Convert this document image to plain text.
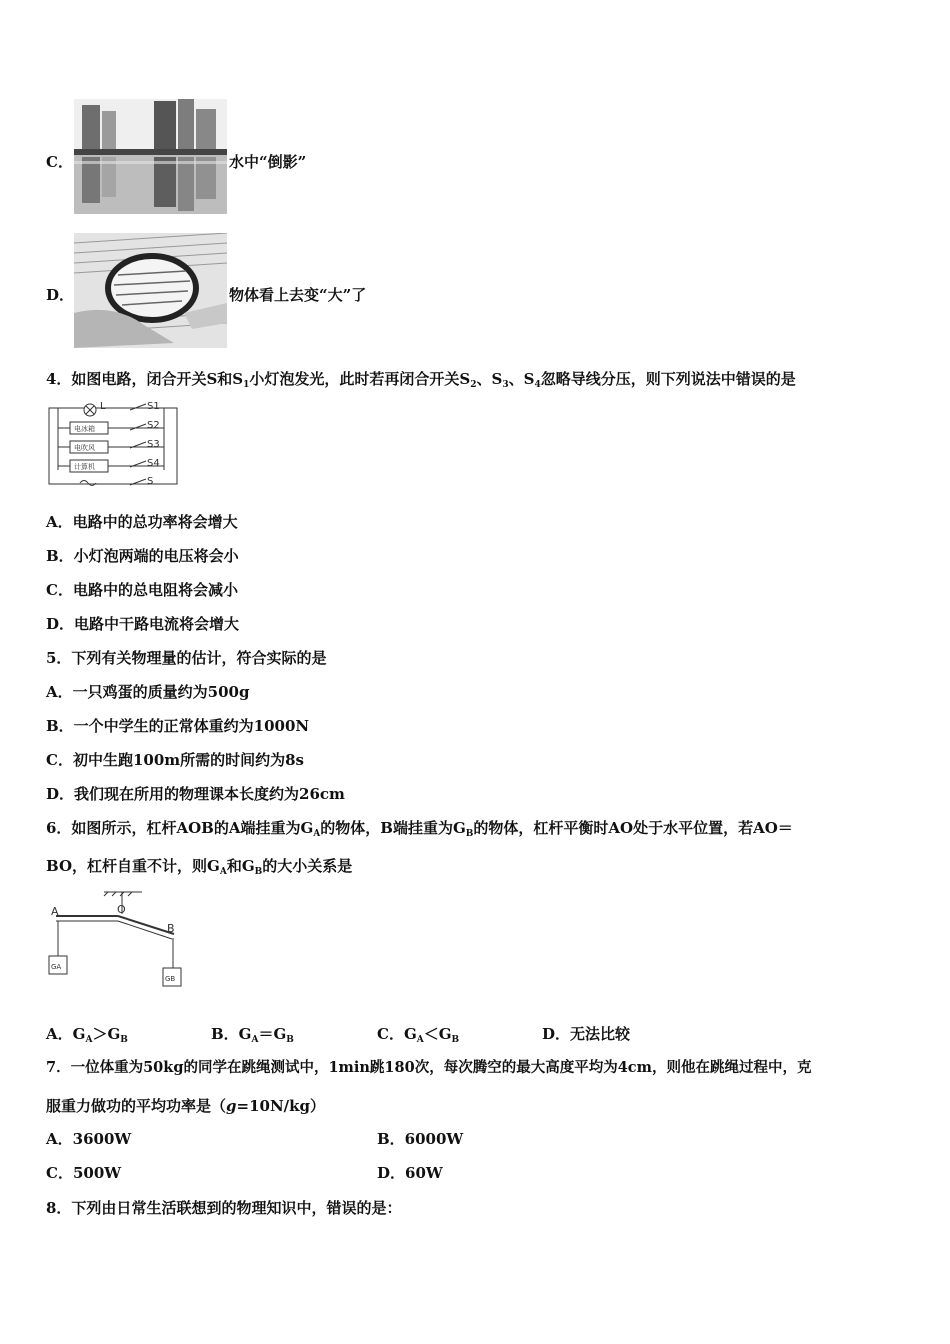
C．	水中“倒影”
D．	物体看上去变“大”了
4．如图电路，闭合开关S和$S_1$小灯泡发光，此时若再闭合开关$S_2$、$S_3$、$S_4$忽略导线分压，则下列说法中错误的是
电冰箱
电吹风
计算机
L	S1
S2
S3
S4
S
A．电路中的总功率将会增大
B．小灯泡两端的电压将会小
C．电路中的总电阻将会减小
D．电路中干路电流将会增大
5．下列有关物理量的估计，符合实际的是
A．一只鸡蛋的质量约为500g
B．一个中学生的正常体重约为1000N
C．初中生跑100m所需的时间约为8s
D．我们现在所用的物理课本长度约为26cm
6．如图所示，杠杆AOB的A端挂重为$G_A$的物体，B端挂重为$G_B$的物体，杠杆平衡时AO处于水平位置，若AO＝
BO，杠杆自重不计，则$G_A$和$G_B$的大小关系是
A	O
B
GA
GB
A．$G_A>G_B$	B．$G_A=G_B$	C．$G_A<G_B$	D．无法比较
7．一位体重为50kg的同学在跳绳测试中，1min跳180次，每次腾空的最大高度平均为4cm，则他在跳绳过程中，克
服重力做功的平均功率是（g=10N/kg）
A．3600W	B．6000W
C．500W	D．60W
8．下列由日常生活联想到的物理知识中，错误的是：
